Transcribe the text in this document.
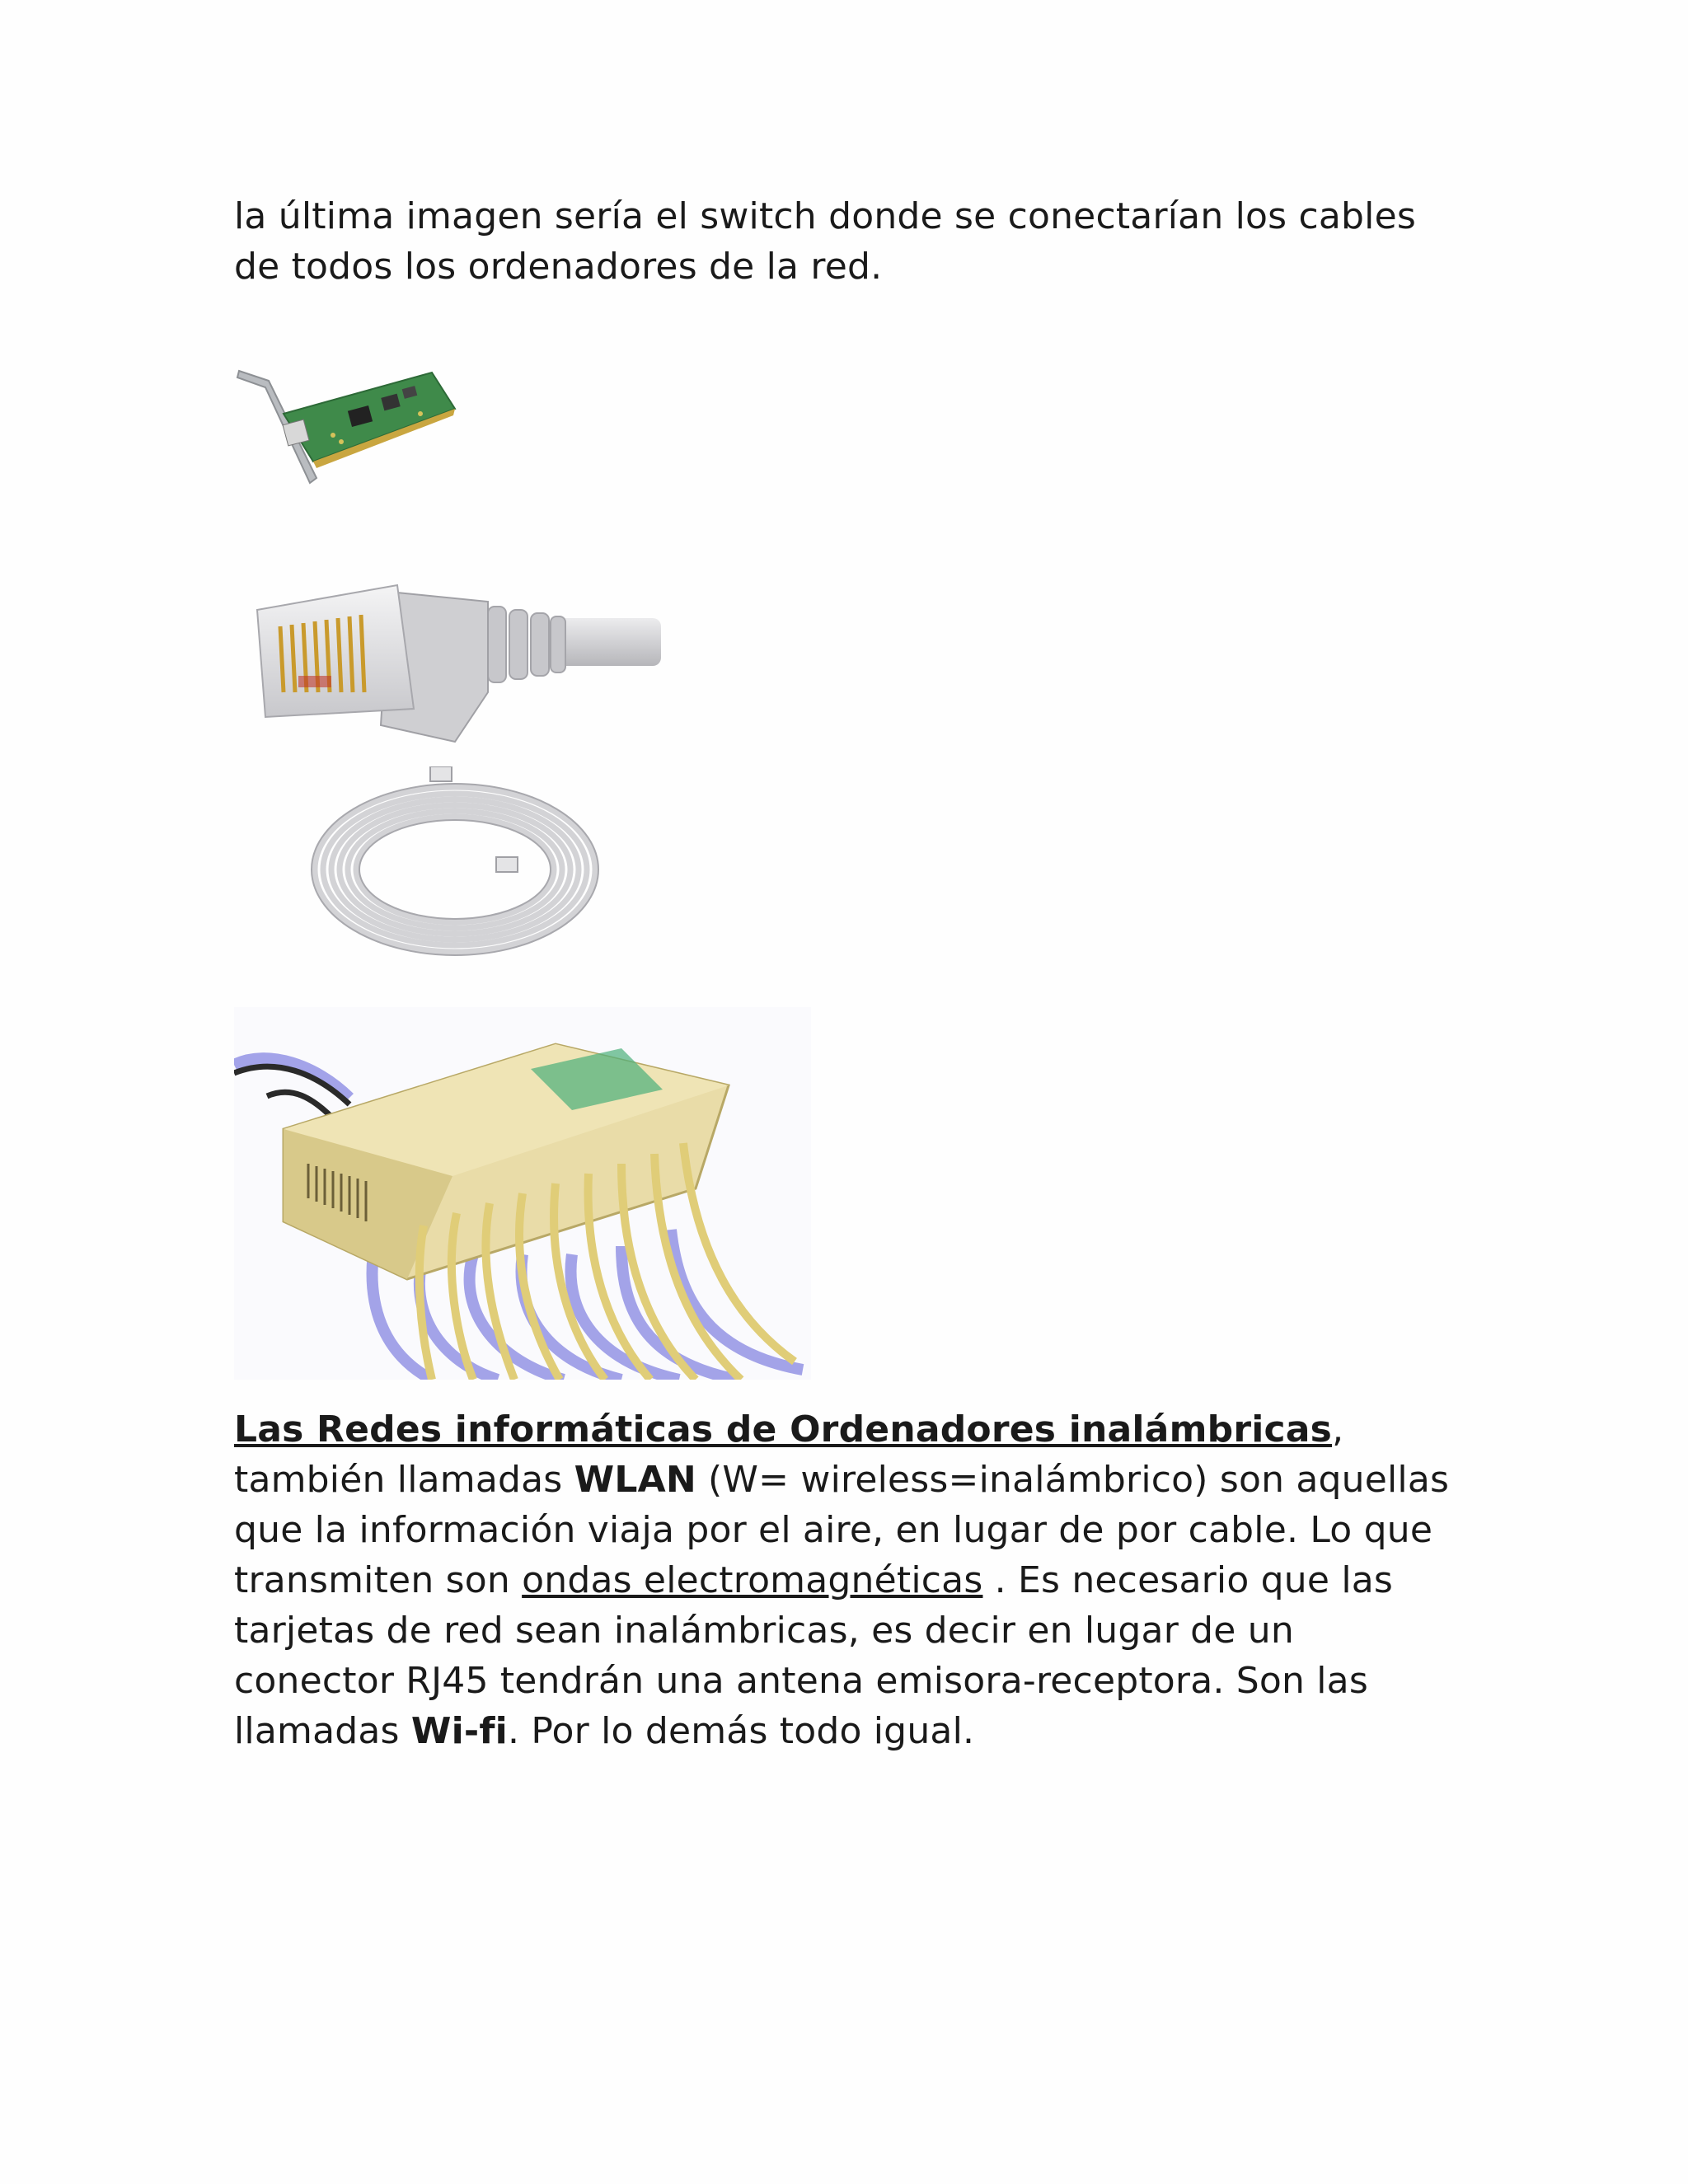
la última imagen sería el switch donde se conectarían los cables de todos los ordenadores de la red.

Las Redes informáticas de Ordenadores inalámbricas, también llamadas WLAN (W= wireless=inalámbrico) son aquellas que la información viaja por el aire, en lugar de por cable. Lo que transmiten son ondas electromagnéticas . Es necesario que las tarjetas de red sean inalámbricas, es decir en lugar de un conector RJ45 tendrán una antena emisora-receptora. Son las llamadas Wi-fi. Por lo demás todo igual.
